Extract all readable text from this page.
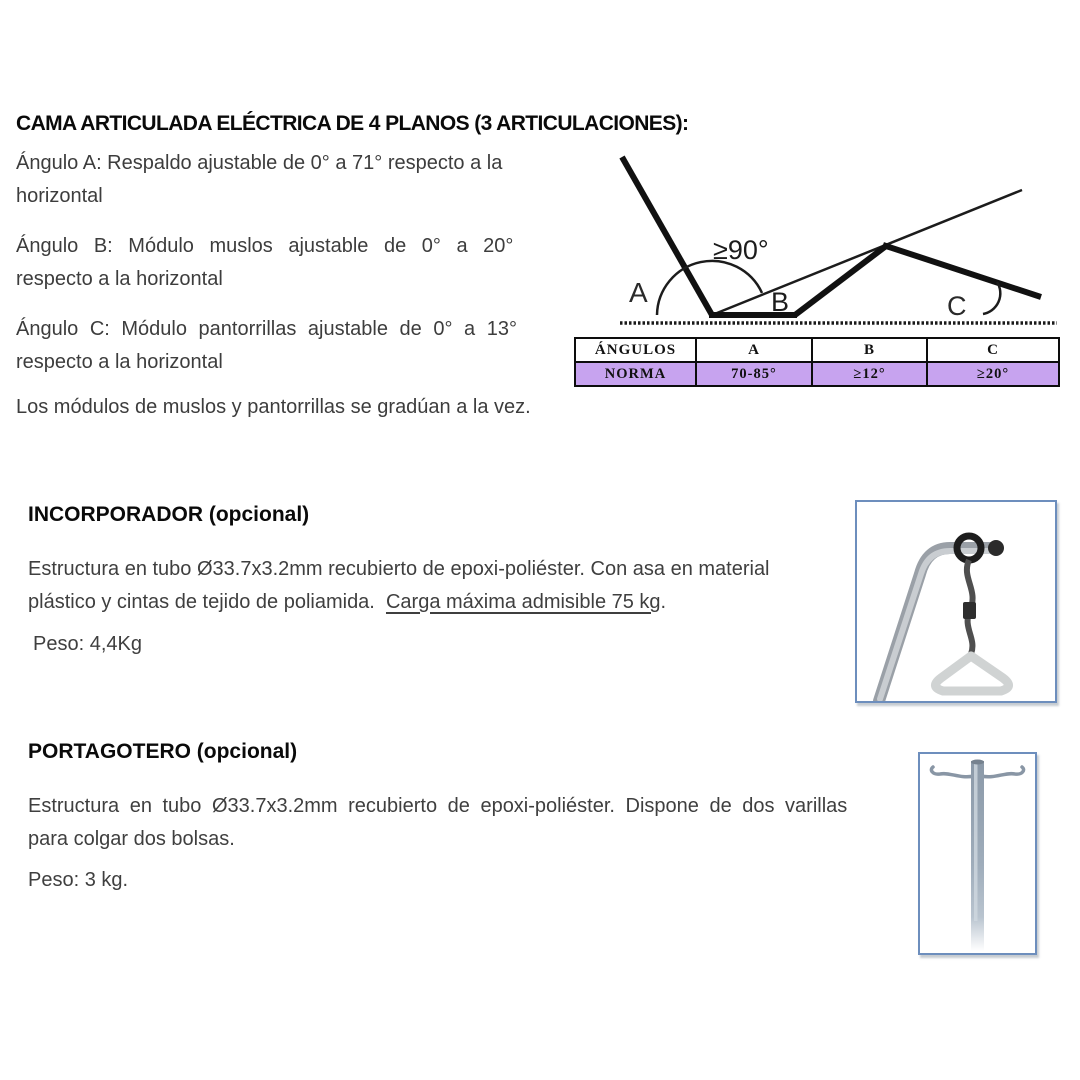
CAMA ARTICULADA ELÉCTRICA DE 4 PLANOS (3 ARTICULACIONES):
Ángulo A: Respaldo ajustable de 0° a 71° respecto a la
horizontal
Ángulo B: Módulo muslos ajustable de 0° a 20°
respecto a la horizontal
Ángulo C: Módulo pantorrillas ajustable de 0° a 13°
respecto a la horizontal
Los módulos de muslos y pantorrillas se gradúan a la vez.
≥90°
A	B	C
ÁNGULOS	A	B	C
NORMA	70-85°	≥12°	≥20°
INCORPORADOR (opcional)
Estructura en tubo Ø33.7x3.2mm recubierto de epoxi-poliéster. Con asa en material
plástico y cintas de tejido de poliamida.  Carga máxima admisible 75 kg.
Peso: 4,4Kg
PORTAGOTERO (opcional)
Estructura en tubo Ø33.7x3.2mm recubierto de epoxi-poliéster. Dispone de dos varillas
para colgar dos bolsas.
Peso: 3 kg.
